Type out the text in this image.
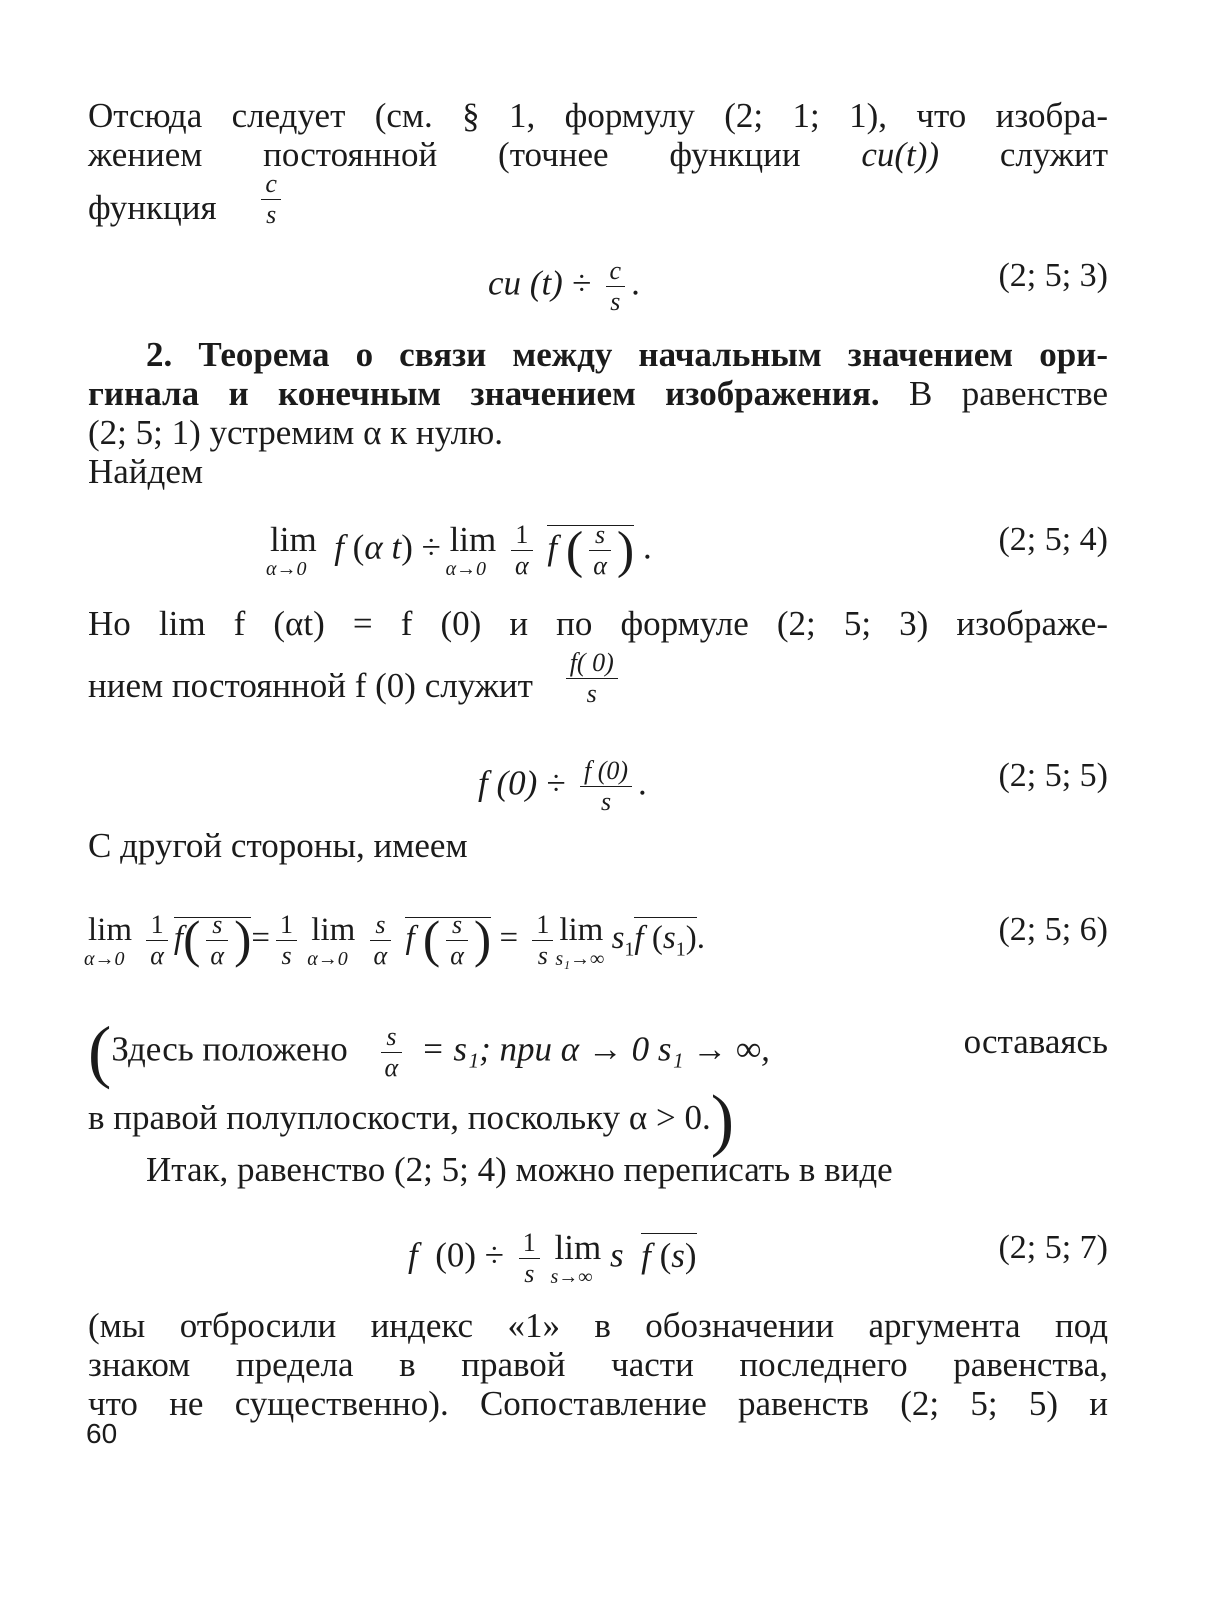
Отсюда следует (см. § 1, формулу (2; 1; 1), что изобра-
жением постоянной (точнее функции cu(t)) служит
функция $\frac{c}{s}$
cu $(t) \div \frac{c}{s}$ .	(2; 5; 3)
2. Теорема о связи между начальным значением ори-
гинала и конечным значением изображения. В равенстве
(2; 5; 1) устремим α к нулю.
Найдем
lim
α→0
f (α t) ÷ lim
α→0
$\frac{1}{\alpha}$ f ( $\frac{s}{\alpha}$ ) .	(2; 5; 4)
Но lim f (αt) = f (0) и по формуле (2; 5; 3) изображе-
нием постоянной f (0) служит $\frac{f( 0)}{s}$
f $(0) \div \frac{f (0)}{s}$ .	(2; 5; 5)
С другой стороны, имеем
lim
α→0
$\frac{1}{\alpha} f( \frac{s}{\alpha}$ )= $\frac{1}{s}$ lim
α→0
$\frac{s}{\alpha}$ f ( $\frac{s}{\alpha}$ ) = $\frac{1}{s}$ lim
s₁→∞
$s_1f$ $(s_1)$.	(2; 5; 6)
(Здесь положено $\frac{s}{\alpha} = s_1$; при α → 0 s₁ → ∞,	оставаясь
в правой полуплоскости, поскольку α > 0.)
Итак, равенство (2; 5; 4) можно переписать в виде
f  $(0) \div \frac{1}{s}$ lim
s→∞
s f (s)	(2; 5; 7)
(мы отбросили индекс «1» в обозначении аргумента под
знаком предела в правой части последнего равенства,
что не существенно). Сопоставление равенств (2; 5; 5) и
60
